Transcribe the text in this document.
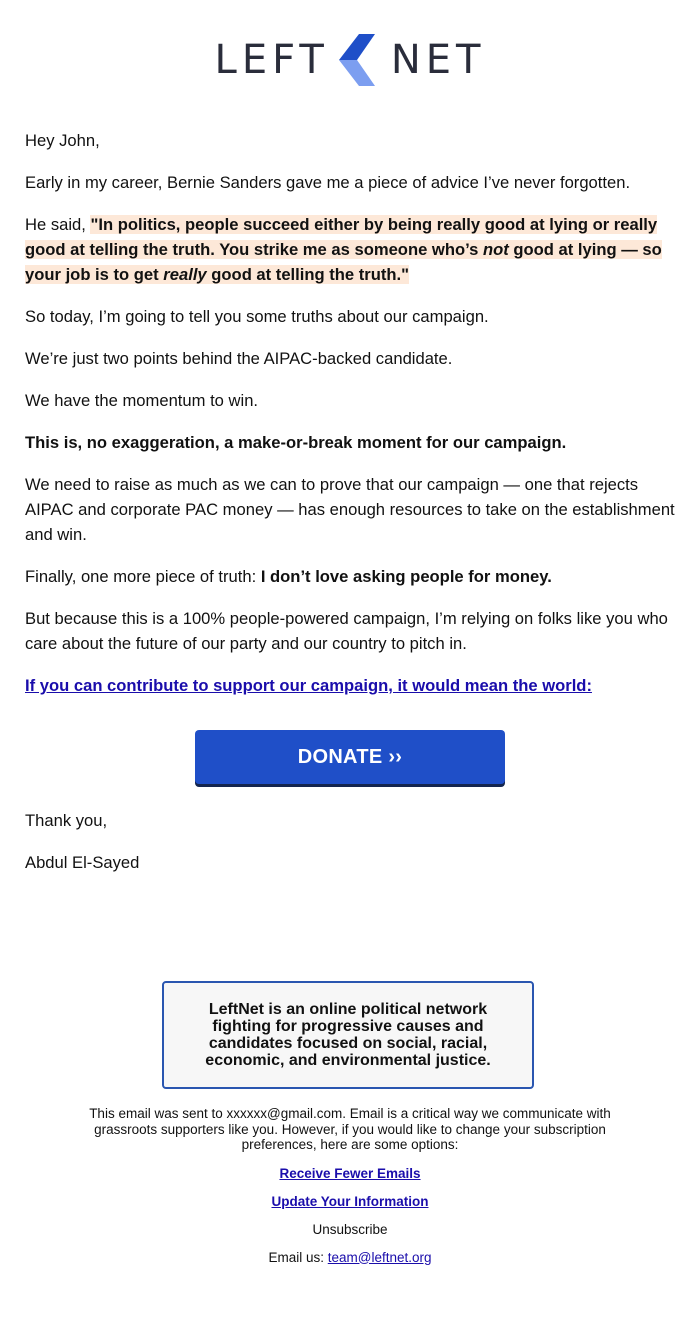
LEFT NET

Hey John,

Early in my career, Bernie Sanders gave me a piece of advice I’ve never forgotten.

He said, "In politics, people succeed either by being really good at lying or really good at telling the truth. You strike me as someone who’s not good at lying — so your job is to get really good at telling the truth."

So today, I’m going to tell you some truths about our campaign.

We’re just two points behind the AIPAC-backed candidate.

We have the momentum to win.

This is, no exaggeration, a make-or-break moment for our campaign.

We need to raise as much as we can to prove that our campaign — one that rejects AIPAC and corporate PAC money — has enough resources to take on the establishment and win.

Finally, one more piece of truth: I don’t love asking people for money.

But because this is a 100% people-powered campaign, I’m relying on folks like you who care about the future of our party and our country to pitch in.

If you can contribute to support our campaign, it would mean the world:

DONATE ››

Thank you,

Abdul El-Sayed

LeftNet is an online political network fighting for progressive causes and candidates focused on social, racial, economic, and environmental justice.
This email was sent to xxxxxx@gmail.com. Email is a critical way we communicate with grassroots supporters like you. However, if you would like to change your subscription preferences, here are some options:
Receive Fewer Emails
Update Your Information
Unsubscribe
Email us: team@leftnet.org
